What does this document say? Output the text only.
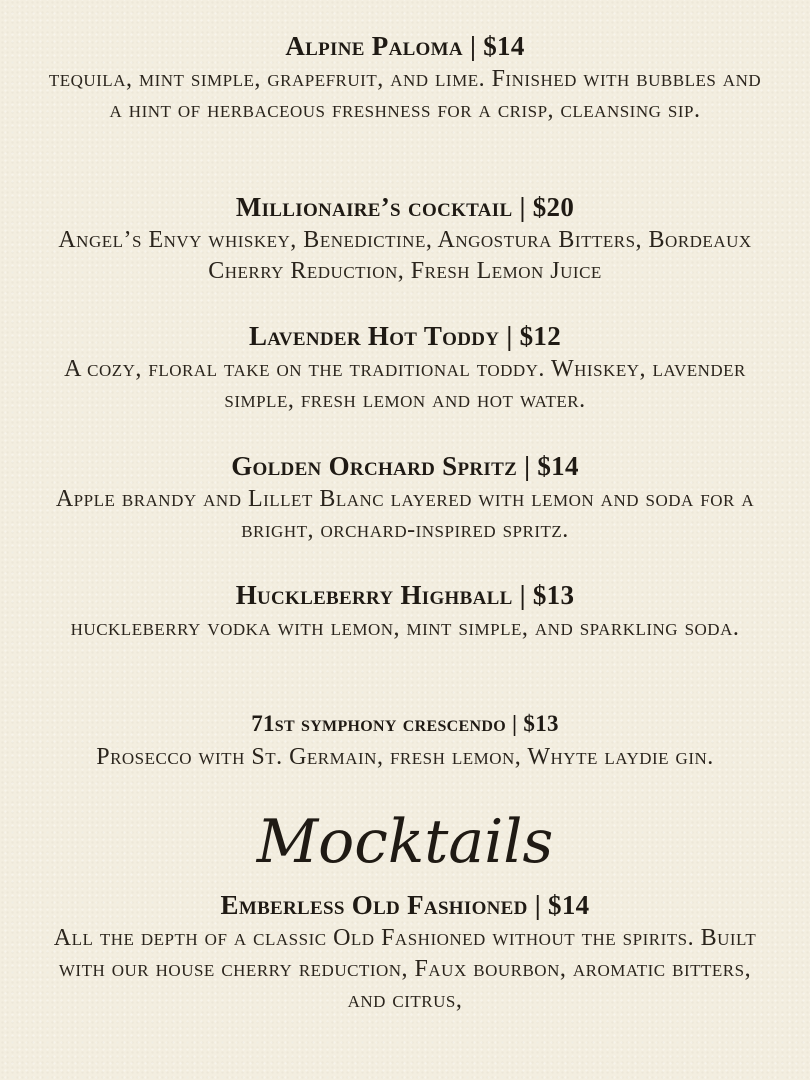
Alpine Paloma | $14
tequila, mint simple, grapefruit, and lime. Finished with bubbles and a hint of herbaceous freshness for a crisp, cleansing sip.
Millionaire’s cocktail | $20
Angel’s Envy whiskey, Benedictine, Angostura Bitters, Bordeaux Cherry Reduction, Fresh Lemon Juice
Lavender Hot Toddy | $12
A cozy, floral take on the traditional toddy. Whiskey, lavender simple, fresh lemon and hot water.
Golden Orchard Spritz | $14
Apple brandy and Lillet Blanc layered with lemon and soda for a bright, orchard-inspired spritz.
Huckleberry Highball | $13
huckleberry vodka with lemon, mint simple, and sparkling soda.
71st symphony crescendo | $13
Prosecco with St. Germain, fresh lemon, Whyte laydie gin.
Mocktails
Emberless Old Fashioned | $14
All the depth of a classic Old Fashioned without the spirits. Built with our house cherry reduction, Faux bourbon, aromatic bitters, and citrus,
